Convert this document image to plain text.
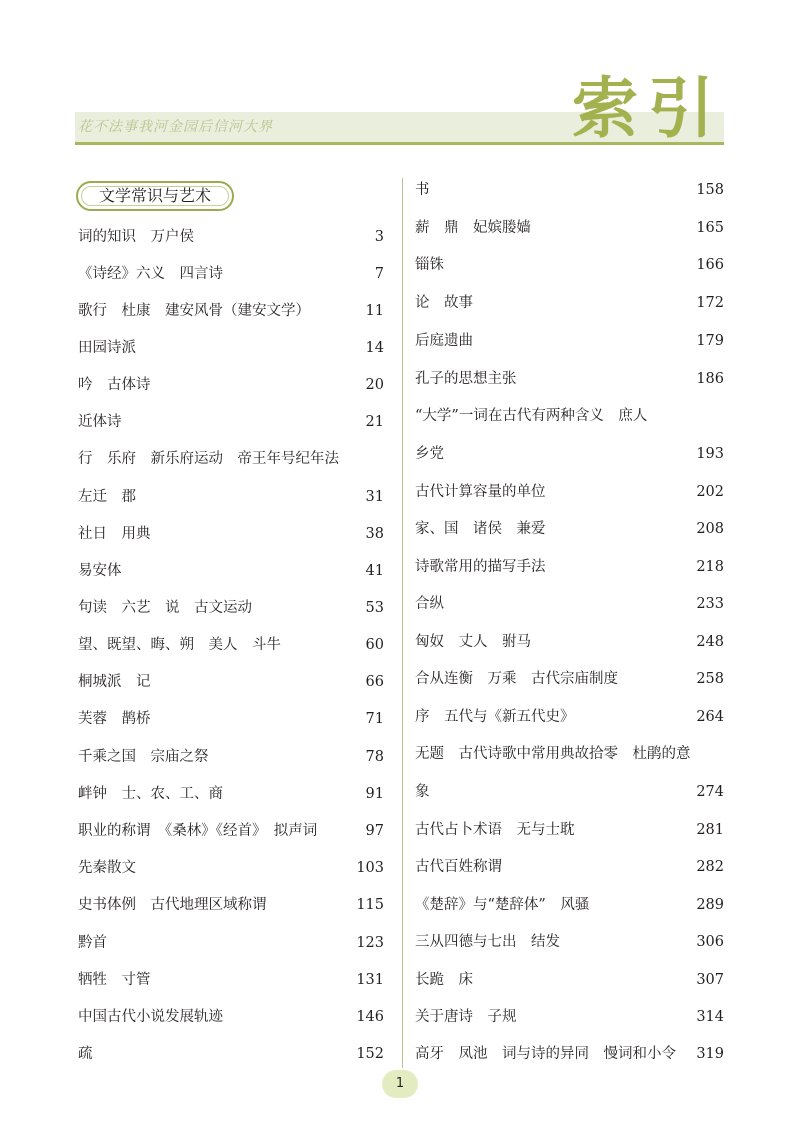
花不法事我河金园后信河大界	索引
文学常识与艺术
词的知识　万户侯	3
《诗经》六义　四言诗	7
歌行　杜康　建安风骨（建安文学）	11
田园诗派	14
吟　古体诗	20
近体诗	21
行　乐府　新乐府运动　帝王年号纪年法
左迁　郡	31
社日　用典	38
易安体	41
句读　六艺　说　古文运动	53
望、既望、晦、朔　美人　斗牛	60
桐城派　记	66
芙蓉　鹊桥	71
千乘之国　宗庙之祭	78
衅钟　士、农、工、商	91
职业的称谓　《桑林》《经首》　拟声词	97
先秦散文	103
史书体例　古代地理区域称谓	115
黔首	123
牺牲　寸管	131
中国古代小说发展轨迹	146
疏	152
书	158
薪　鼎　妃嫔媵嫱	165
锱铢	166
论　故事	172
后庭遗曲	179
孔子的思想主张	186
“大学”一词在古代有两种含义　庶人
乡党	193
古代计算容量的单位	202
家、国　诸侯　兼爱	208
诗歌常用的描写手法	218
合纵	233
匈奴　丈人　驸马	248
合从连衡　万乘　古代宗庙制度	258
序　五代与《新五代史》	264
无题　古代诗歌中常用典故拾零　杜鹃的意
象	274
古代占卜术语　无与士耽	281
古代百姓称谓	282
《楚辞》与“楚辞体”　风骚	289
三从四德与七出　结发	306
长跪　床	307
关于唐诗　子规	314
高牙　凤池　词与诗的异同　慢词和小令 319
1
